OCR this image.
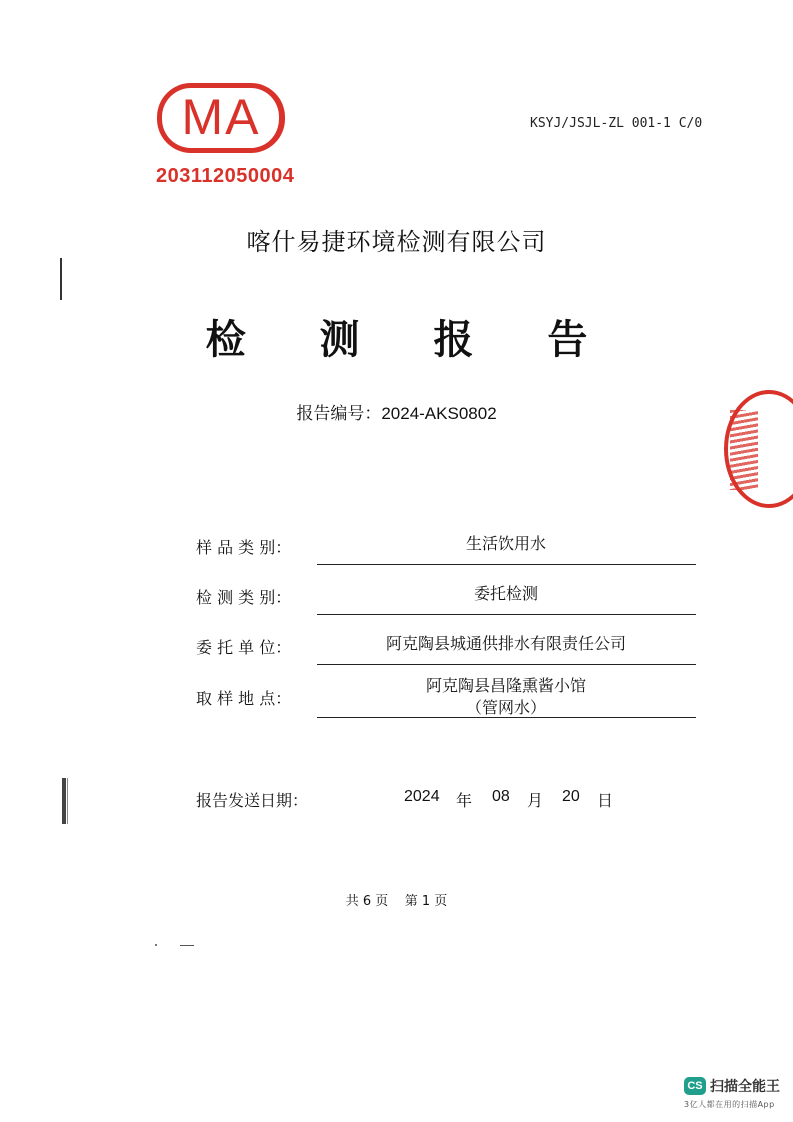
MA
203112050004
KSYJ/JSJL-ZL 001-1 C/0
喀什易捷环境检测有限公司
检 测 报 告
报告编号：2024-AKS0802
样 品 类 别：	生活饮用水
检 测 类 别：	委托检测
委 托 单 位：	阿克陶县城通供排水有限责任公司
取 样 地 点：
阿克陶县昌隆熏酱小馆
（管网水）
报告发送日期：	2024 年 08 月 20 日
共 6 页    第 1 页
CS 扫描全能王
3亿人都在用的扫描App
